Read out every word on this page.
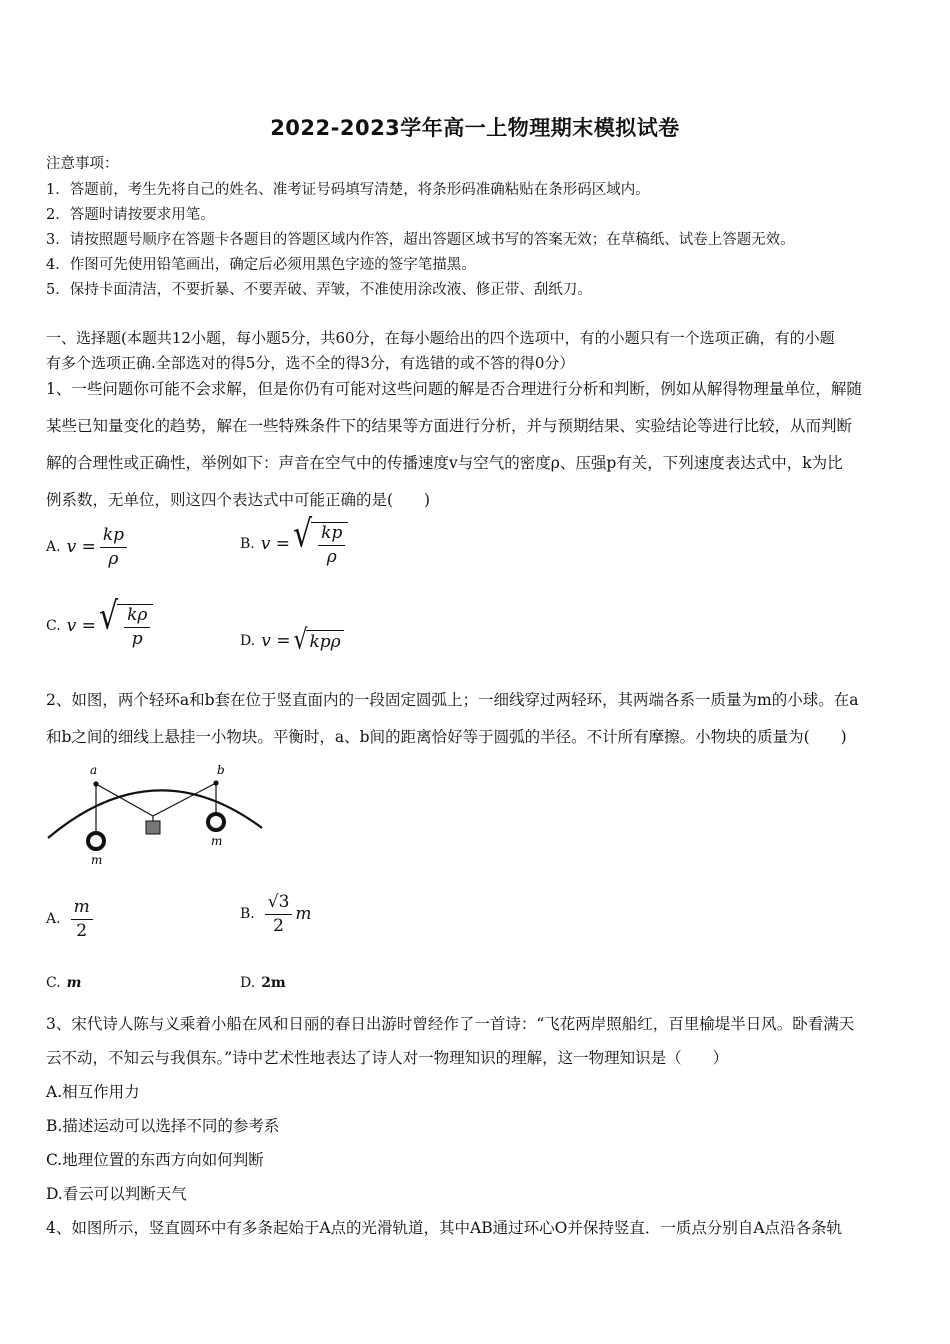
2022-2023学年高一上物理期末模拟试卷
注意事项：
1．答题前，考生先将自己的姓名、准考证号码填写清楚，将条形码准确粘贴在条形码区域内。
2．答题时请按要求用笔。
3．请按照题号顺序在答题卡各题目的答题区域内作答，超出答题区域书写的答案无效；在草稿纸、试卷上答题无效。
4．作图可先使用铅笔画出，确定后必须用黑色字迹的签字笔描黑。
5．保持卡面清洁，不要折暴、不要弄破、弄皱，不准使用涂改液、修正带、刮纸刀。
一、选择题(本题共12小题，每小题5分，共60分，在每小题给出的四个选项中，有的小题只有一个选项正确，有的小题
有多个选项正确.全部选对的得5分，选不全的得3分，有选错的或不答的得0分）
1、一些问题你可能不会求解，但是你仍有可能对这些问题的解是否合理进行分析和判断，例如从解得物理量单位，解随
某些已知量变化的趋势，解在一些特殊条件下的结果等方面进行分析，并与预期结果、实验结论等进行比较，从而判断
解的合理性或正确性，举例如下：声音在空气中的传播速度v与空气的密度ρ、压强p有关，下列速度表达式中，k为比
例系数，无单位，则这四个表达式中可能正确的是(　　)
A. $v = \frac{kp}{\rho}$	B. v = √ $\frac{kp}{\rho}$
C. v = √ $\frac{k\rho}{p}$	D. v = √ kpρ
2、如图，两个轻环a和b套在位于竖直面内的一段固定圆弧上；一细线穿过两轻环，其两端各系一质量为m的小球。在a
和b之间的细线上悬挂一小物块。平衡时，a、b间的距离恰好等于圆弧的半径。不计所有摩擦。小物块的质量为(　　)
a	b
m
m
A. $\frac{m}{2}$	B. $\frac{√3}{2}$ m
C. m	D. 2m
3、宋代诗人陈与义乘着小船在风和日丽的春日出游时曾经作了一首诗：“飞花两岸照船红，百里榆堤半日风。卧看满天
云不动，不知云与我俱东。”诗中艺术性地表达了诗人对一物理知识的理解，这一物理知识是（　　）
A.相互作用力
B.描述运动可以选择不同的参考系
C.地理位置的东西方向如何判断
D.看云可以判断天气
4、如图所示，竖直圆环中有多条起始于A点的光滑轨道，其中AB通过环心O并保持竖直．一质点分别自A点沿各条轨
